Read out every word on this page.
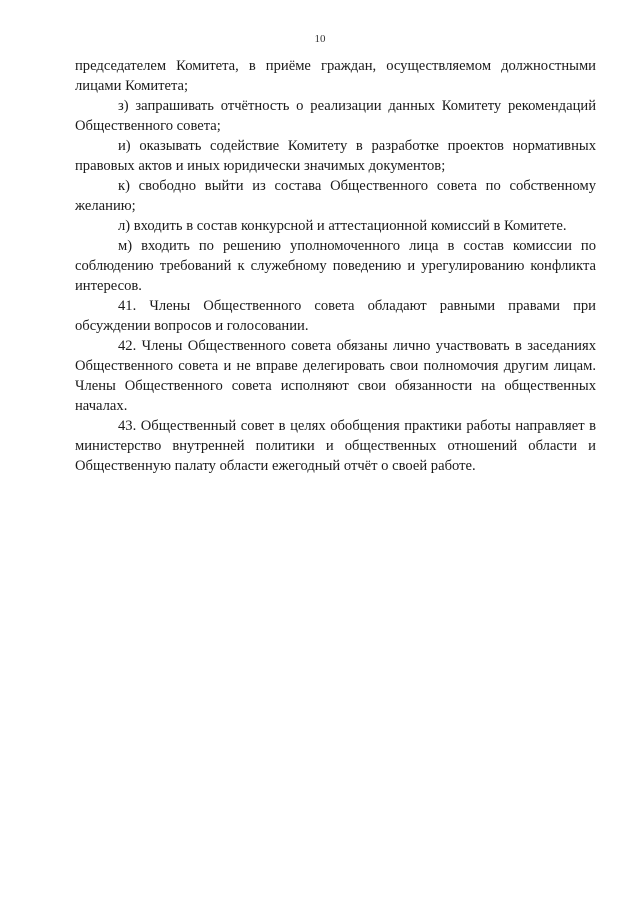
10

председателем Комитета, в приёме граждан, осуществляемом должностными лицами Комитета;

з) запрашивать отчётность о реализации данных Комитету рекомендаций Общественного совета;

и) оказывать содействие Комитету в разработке проектов нормативных правовых актов и иных юридически значимых документов;

к) свободно выйти из состава Общественного совета по собственному желанию;

л) входить в состав конкурсной и аттестационной комиссий в Комитете.

м) входить по решению уполномоченного лица в состав комиссии по соблюдению требований к служебному поведению и урегулированию конфликта интересов.

41. Члены Общественного совета обладают равными правами при обсуждении вопросов и голосовании.

42. Члены Общественного совета обязаны лично участвовать в заседаниях Общественного совета и не вправе делегировать свои полномочия другим лицам. Члены Общественного совета исполняют свои обязанности на общественных началах.

43. Общественный совет в целях обобщения практики работы направляет в министерство внутренней политики и общественных отношений области и Общественную палату области ежегодный отчёт о своей работе.
